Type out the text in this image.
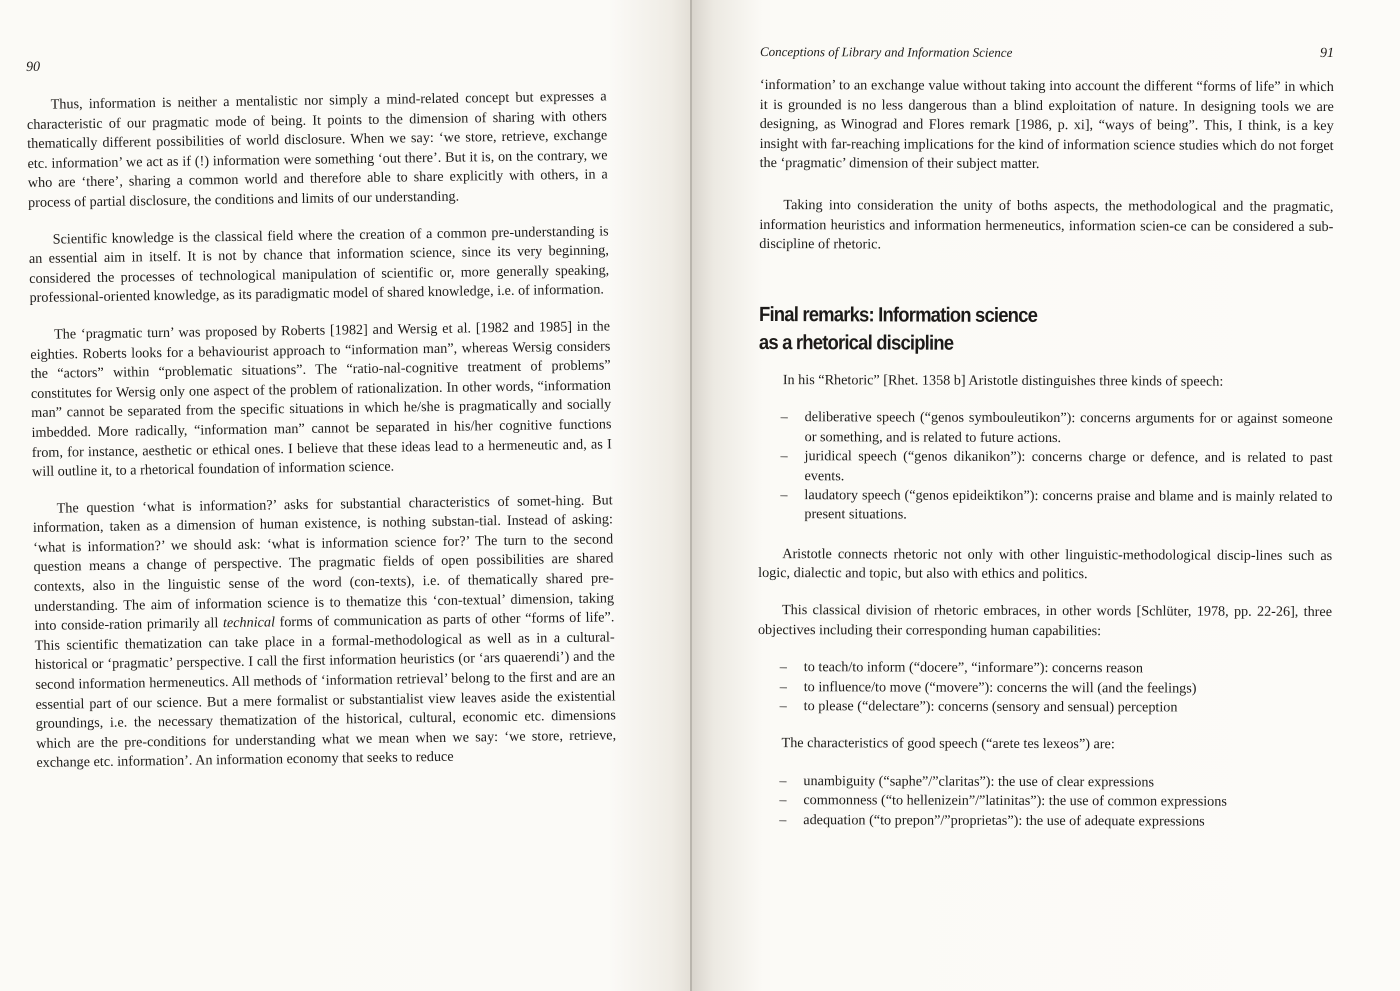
90

Thus, information is neither a mentalistic nor simply a mind-related concept but expresses a characteristic of our pragmatic mode of being. It points to the dimension of sharing with others thematically different possibilities of world disclosure. When we say: ‘we store, retrieve, exchange etc. information’ we act as if (!) information were something ‘out there’. But it is, on the contrary, we who are ‘there’, sharing a common world and therefore able to share explicitly with others, in a process of partial disclosure, the conditions and limits of our understanding.

Scientific knowledge is the classical field where the creation of a common pre-understanding is an essential aim in itself. It is not by chance that information science, since its very beginning, considered the processes of technological manipulation of scientific or, more generally speaking, professional-oriented knowledge, as its paradigmatic model of shared knowledge, i.e. of information.

The ‘pragmatic turn’ was proposed by Roberts [1982] and Wersig et al. [1982 and 1985] in the eighties. Roberts looks for a behaviourist approach to “information man”, whereas Wersig considers the “actors” within “problematic situations”. The “ratio-nal-cognitive treatment of problems” constitutes for Wersig only one aspect of the problem of rationalization. In other words, “information man” cannot be separated from the specific situations in which he/she is pragmatically and socially imbedded. More radically, “information man” cannot be separated in his/her cognitive functions from, for instance, aesthetic or ethical ones. I believe that these ideas lead to a hermeneutic and, as I will outline it, to a rhetorical foundation of information science.

The question ‘what is information?’ asks for substantial characteristics of somet-hing. But information, taken as a dimension of human existence, is nothing substan-tial. Instead of asking: ‘what is information?’ we should ask: ‘what is information science for?’ The turn to the second question means a change of perspective. The pragmatic fields of open possibilities are shared contexts, also in the linguistic sense of the word (con-texts), i.e. of thematically shared pre-understanding. The aim of information science is to thematize this ‘con-textual’ dimension, taking into conside-ration primarily all technical forms of communication as parts of other “forms of life”. This scientific thematization can take place in a formal-methodological as well as in a cultural-historical or ‘pragmatic’ perspective. I call the first information heuristics (or ‘ars quaerendi’) and the second information hermeneutics. All methods of ‘information retrieval’ belong to the first and are an essential part of our science. But a mere formalist or substantialist view leaves aside the existential groundings, i.e. the necessary thematization of the historical, cultural, economic etc. dimensions which are the pre-conditions for understanding what we mean when we say: ‘we store, retrieve, exchange etc. information’. An information economy that seeks to reduce

Conceptions of Library and Information Science	91

‘information’ to an exchange value without taking into account the different “forms of life” in which it is grounded is no less dangerous than a blind exploitation of nature. In designing tools we are designing, as Winograd and Flores remark [1986, p. xi], “ways of being”. This, I think, is a key insight with far-reaching implications for the kind of information science studies which do not forget the ‘pragmatic’ dimension of their subject matter.

Taking into consideration the unity of boths aspects, the methodological and the pragmatic, information heuristics and information hermeneutics, information scien-ce can be considered a sub-discipline of rhetoric.

Final remarks: Information science
as a rhetorical discipline

In his “Rhetoric” [Rhet. 1358 b] Aristotle distinguishes three kinds of speech:

– deliberative speech (“genos symbouleutikon”): concerns arguments for or against someone or something, and is related to future actions.
– juridical speech (“genos dikanikon”): concerns charge or defence, and is related to past events.
– laudatory speech (“genos epideiktikon”): concerns praise and blame and is mainly related to present situations.

Aristotle connects rhetoric not only with other linguistic-methodological discip-lines such as logic, dialectic and topic, but also with ethics and politics.

This classical division of rhetoric embraces, in other words [Schlüter, 1978, pp. 22-26], three objectives including their corresponding human capabilities:

– to teach/to inform (“docere”, “informare”): concerns reason
– to influence/to move (“movere”): concerns the will (and the feelings)
– to please (“delectare”): concerns (sensory and sensual) perception

The characteristics of good speech (“arete tes lexeos”) are:

– unambiguity (“saphe”/”claritas”): the use of clear expressions
– commonness (“to hellenizein”/”latinitas”): the use of common expressions
– adequation (“to prepon”/”proprietas”): the use of adequate expressions
